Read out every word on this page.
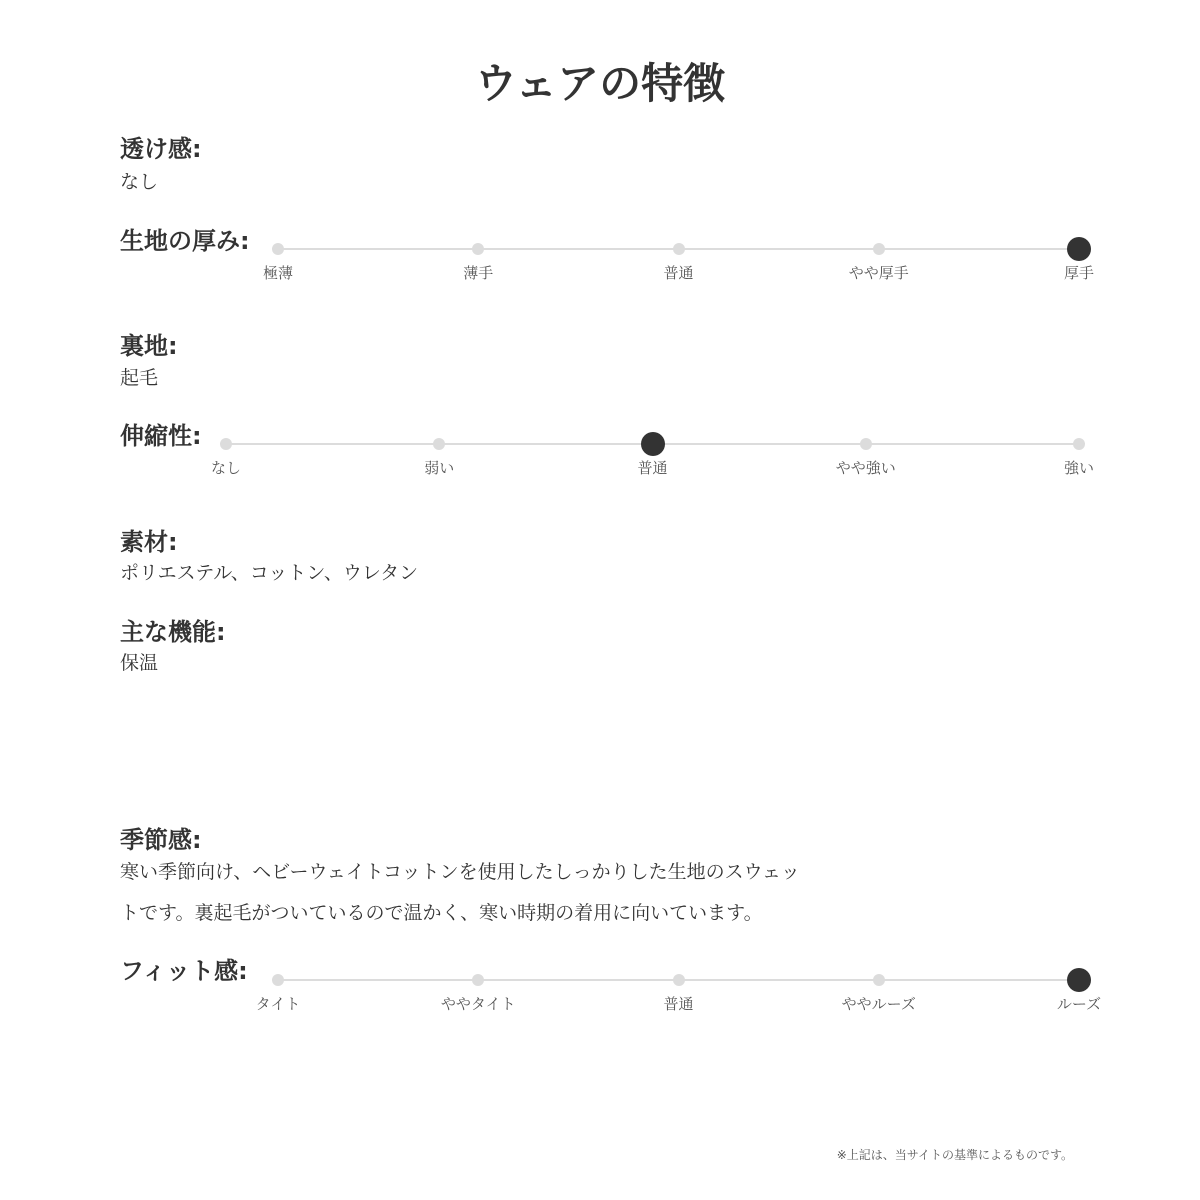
ウェアの特徴
透け感:
なし
生地の厚み:
極薄	薄手	普通	やや厚手	厚手
裏地:
起毛
伸縮性:
なし	弱い	普通	やや強い	強い
素材:
ポリエステル、コットン、ウレタン
主な機能:
保温
季節感:
寒い季節向け、ヘビーウェイトコットンを使用したしっかりした生地のスウェッ
トです。裏起毛がついているので温かく、寒い時期の着用に向いています。
フィット感:
タイト	ややタイト	普通	ややルーズ	ルーズ
※上記は、当サイトの基準によるものです。
